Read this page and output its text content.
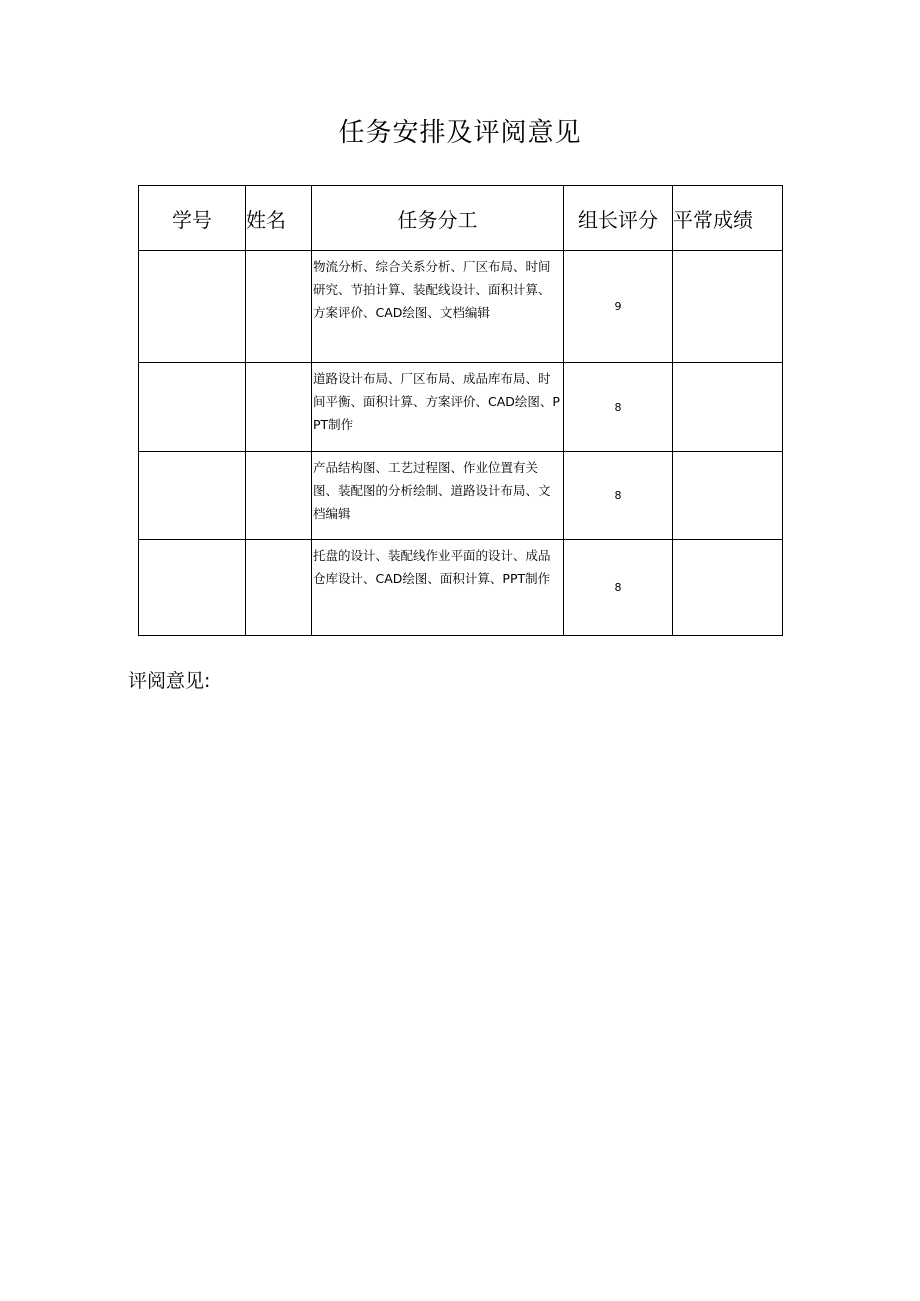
任务安排及评阅意见
学号	姓名	任务分工	组长评分	平常成绩
		物流分析、综合关系分析、厂区布局、时间研究、节拍计算、装配线设计、面积计算、方案评价、CAD绘图、文档编辑	9	
		道路设计布局、厂区布局、成品库布局、时间平衡、面积计算、方案评价、CAD绘图、PPT制作	8	
		产品结构图、工艺过程图、作业位置有关图、装配图的分析绘制、道路设计布局、文档编辑	8	
		托盘的设计、装配线作业平面的设计、成品仓库设计、CAD绘图、面积计算、PPT制作	8	
评阅意见:
